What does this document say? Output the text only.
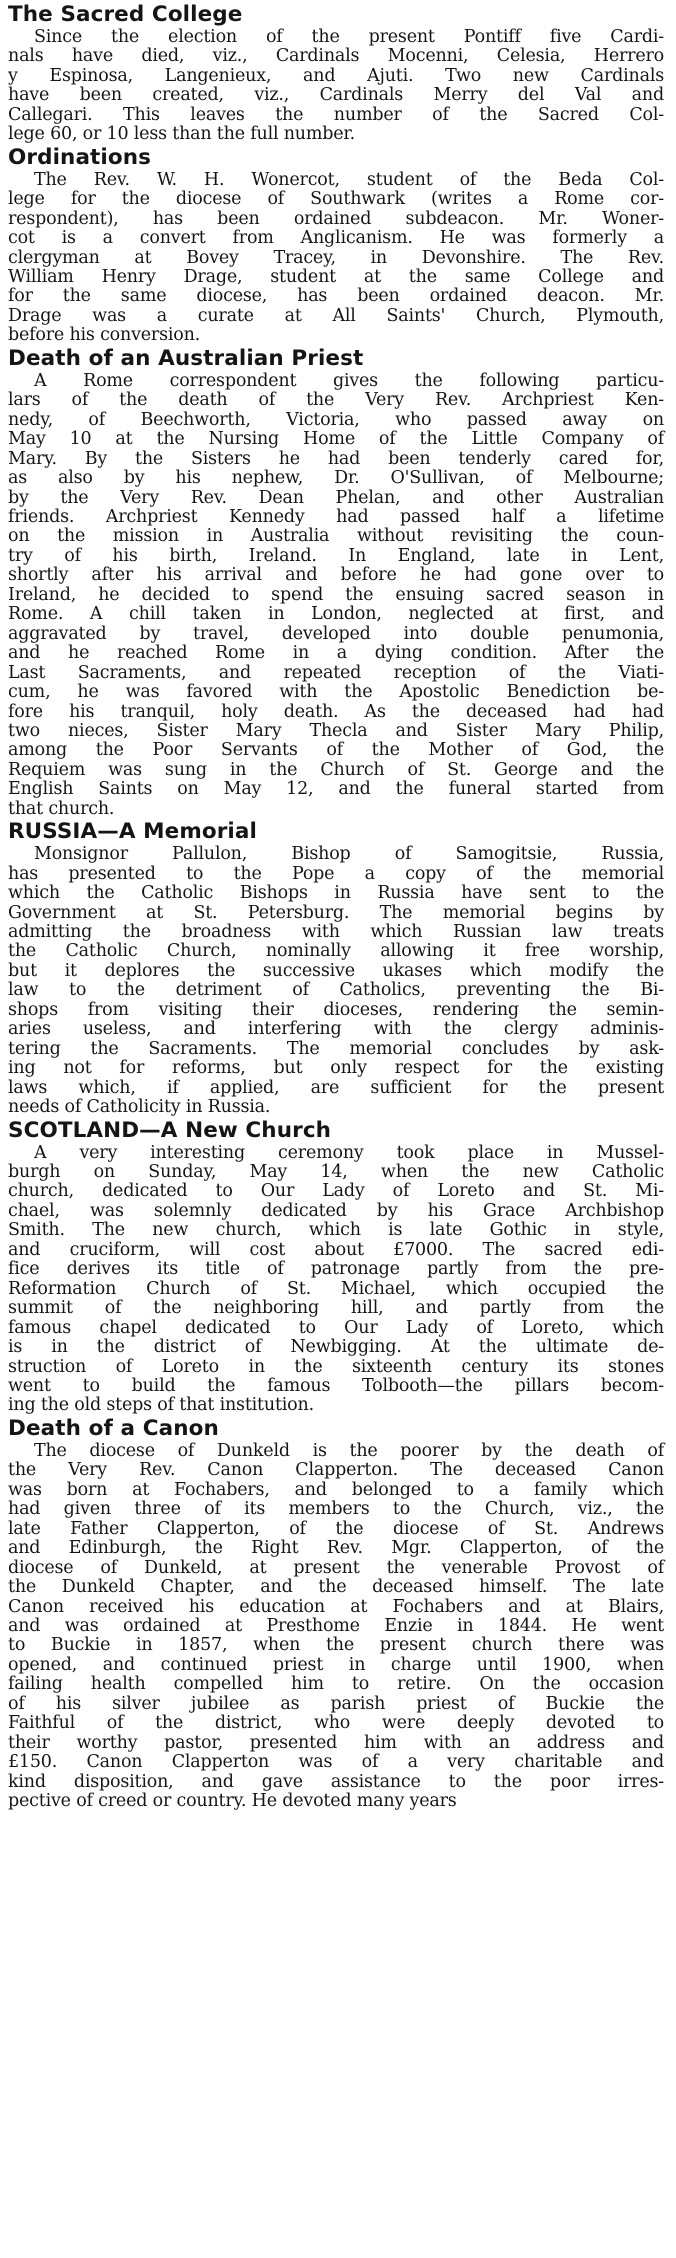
The Sacred College
Since the election of the present Pontiff five Cardi-
nals have died, viz., Cardinals Mocenni, Celesia, Herrero
y Espinosa, Langenieux, and Ajuti. Two new Cardinals
have been created, viz., Cardinals Merry del Val and
Callegari. This leaves the number of the Sacred Col-
lege 60, or 10 less than the full number.
Ordinations
The Rev. W. H. Wonercot, student of the Beda Col-
lege for the diocese of Southwark (writes a Rome cor-
respondent), has been ordained subdeacon. Mr. Woner-
cot is a convert from Anglicanism. He was formerly a
clergyman at Bovey Tracey, in Devonshire. The Rev.
William Henry Drage, student at the same College and
for the same diocese, has been ordained deacon. Mr.
Drage was a curate at All Saints' Church, Plymouth,
before his conversion.
Death of an Australian Priest
A Rome correspondent gives the following particu-
lars of the death of the Very Rev. Archpriest Ken-
nedy, of Beechworth, Victoria, who passed away on
May 10 at the Nursing Home of the Little Company of
Mary. By the Sisters he had been tenderly cared for,
as also by his nephew, Dr. O'Sullivan, of Melbourne;
by the Very Rev. Dean Phelan, and other Australian
friends. Archpriest Kennedy had passed half a lifetime
on the mission in Australia without revisiting the coun-
try of his birth, Ireland. In England, late in Lent,
shortly after his arrival and before he had gone over to
Ireland, he decided to spend the ensuing sacred season in
Rome. A chill taken in London, neglected at first, and
aggravated by travel, developed into double penumonia,
and he reached Rome in a dying condition. After the
Last Sacraments, and repeated reception of the Viati-
cum, he was favored with the Apostolic Benediction be-
fore his tranquil, holy death. As the deceased had had
two nieces, Sister Mary Thecla and Sister Mary Philip,
among the Poor Servants of the Mother of God, the
Requiem was sung in the Church of St. George and the
English Saints on May 12, and the funeral started from
that church.
RUSSIA—A Memorial
Monsignor Pallulon, Bishop of Samogitsie, Russia,
has presented to the Pope a copy of the memorial
which the Catholic Bishops in Russia have sent to the
Government at St. Petersburg. The memorial begins by
admitting the broadness with which Russian law treats
the Catholic Church, nominally allowing it free worship,
but it deplores the successive ukases which modify the
law to the detriment of Catholics, preventing the Bi-
shops from visiting their dioceses, rendering the semin-
aries useless, and interfering with the clergy adminis-
tering the Sacraments. The memorial concludes by ask-
ing not for reforms, but only respect for the existing
laws which, if applied, are sufficient for the present
needs of Catholicity in Russia.
SCOTLAND—A New Church
A very interesting ceremony took place in Mussel-
burgh on Sunday, May 14, when the new Catholic
church, dedicated to Our Lady of Loreto and St. Mi-
chael, was solemnly dedicated by his Grace Archbishop
Smith. The new church, which is late Gothic in style,
and cruciform, will cost about £7000. The sacred edi-
fice derives its title of patronage partly from the pre-
Reformation Church of St. Michael, which occupied the
summit of the neighboring hill, and partly from the
famous chapel dedicated to Our Lady of Loreto, which
is in the district of Newbigging. At the ultimate de-
struction of Loreto in the sixteenth century its stones
went to build the famous Tolbooth—the pillars becom-
ing the old steps of that institution.
Death of a Canon
The diocese of Dunkeld is the poorer by the death of
the Very Rev. Canon Clapperton. The deceased Canon
was born at Fochabers, and belonged to a family which
had given three of its members to the Church, viz., the
late Father Clapperton, of the diocese of St. Andrews
and Edinburgh, the Right Rev. Mgr. Clapperton, of the
diocese of Dunkeld, at present the venerable Provost of
the Dunkeld Chapter, and the deceased himself. The late
Canon received his education at Fochabers and at Blairs,
and was ordained at Presthome Enzie in 1844. He went
to Buckie in 1857, when the present church there was
opened, and continued priest in charge until 1900, when
failing health compelled him to retire. On the occasion
of his silver jubilee as parish priest of Buckie the
Faithful of the district, who were deeply devoted to
their worthy pastor, presented him with an address and
£150. Canon Clapperton was of a very charitable and
kind disposition, and gave assistance to the poor irres-
pective of creed or country. He devoted many years
